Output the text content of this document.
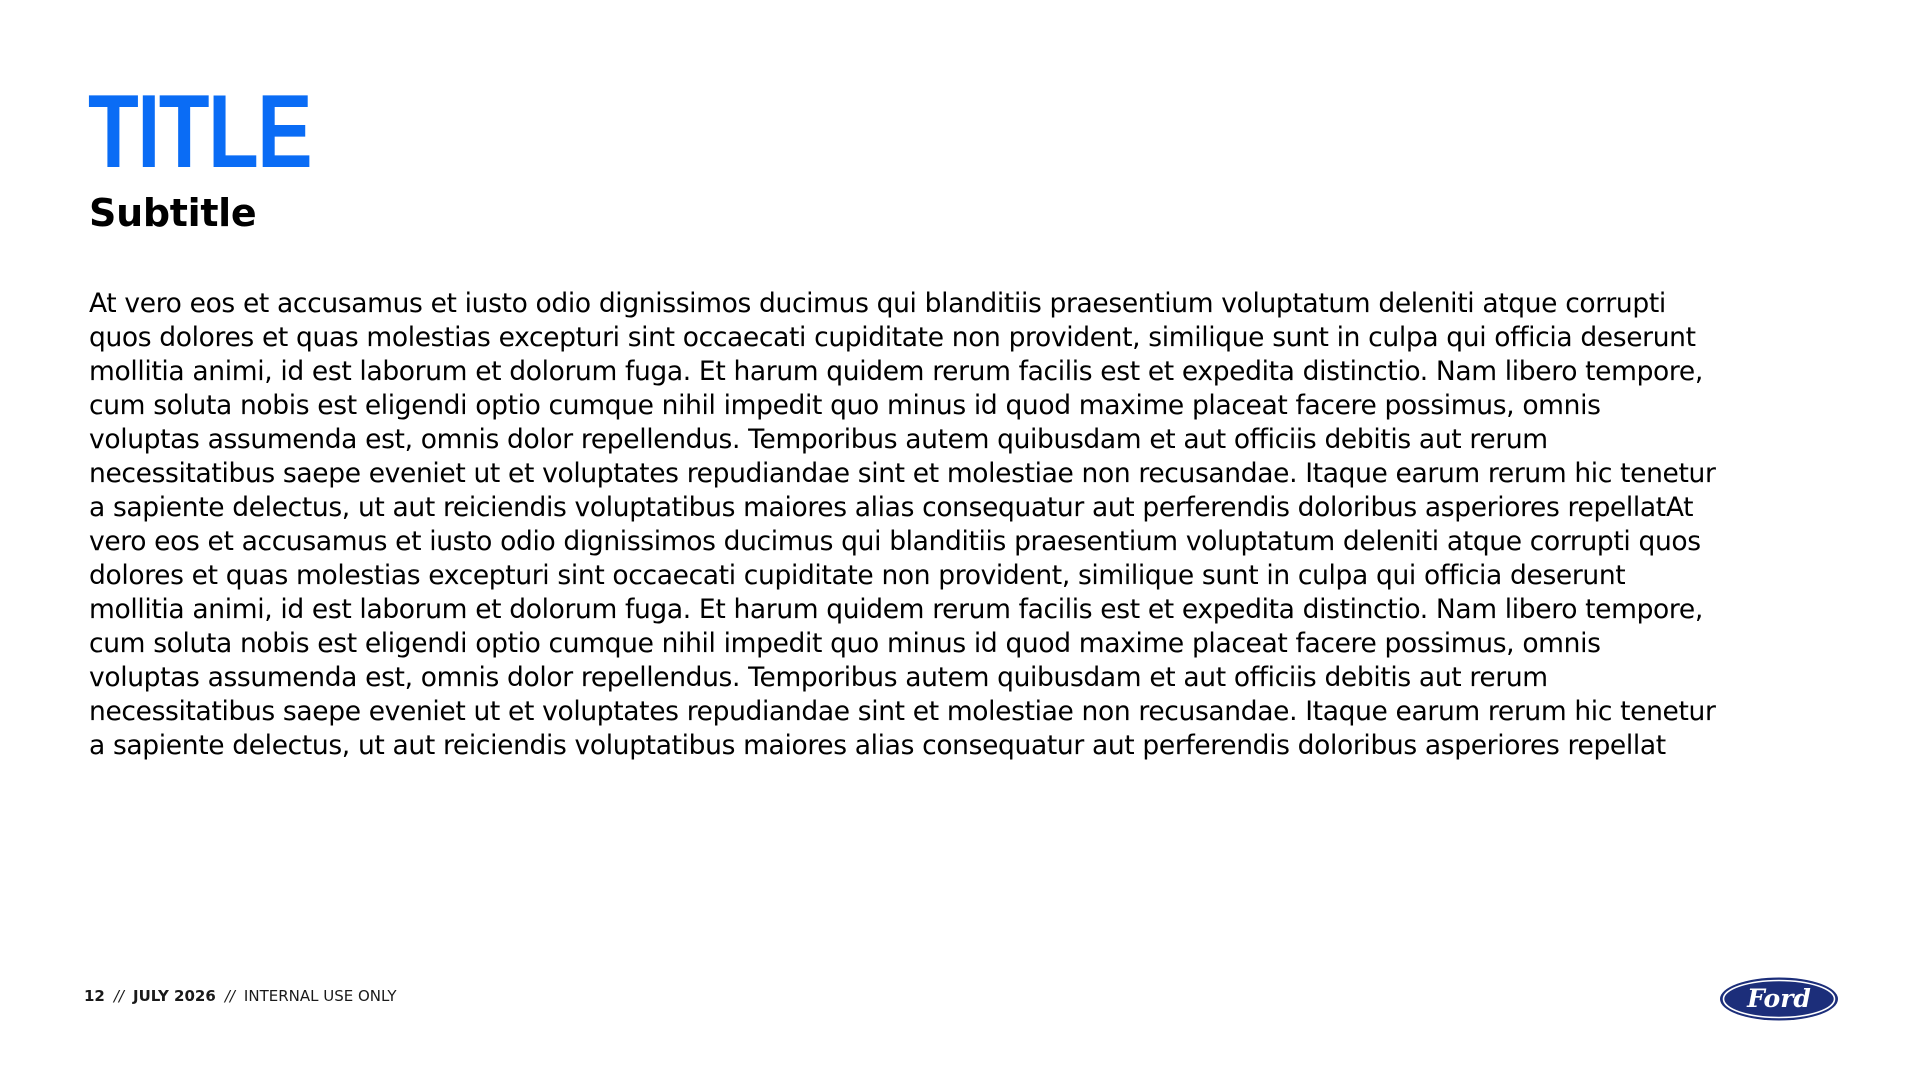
TITLE
Subtitle
At vero eos et accusamus et iusto odio dignissimos ducimus qui blanditiis praesentium voluptatum deleniti atque corrupti
quos dolores et quas molestias excepturi sint occaecati cupiditate non provident, similique sunt in culpa qui officia deserunt
mollitia animi, id est laborum et dolorum fuga. Et harum quidem rerum facilis est et expedita distinctio. Nam libero tempore,
cum soluta nobis est eligendi optio cumque nihil impedit quo minus id quod maxime placeat facere possimus, omnis
voluptas assumenda est, omnis dolor repellendus. Temporibus autem quibusdam et aut officiis debitis aut rerum
necessitatibus saepe eveniet ut et voluptates repudiandae sint et molestiae non recusandae. Itaque earum rerum hic tenetur
a sapiente delectus, ut aut reiciendis voluptatibus maiores alias consequatur aut perferendis doloribus asperiores repellatAt
vero eos et accusamus et iusto odio dignissimos ducimus qui blanditiis praesentium voluptatum deleniti atque corrupti quos
dolores et quas molestias excepturi sint occaecati cupiditate non provident, similique sunt in culpa qui officia deserunt
mollitia animi, id est laborum et dolorum fuga. Et harum quidem rerum facilis est et expedita distinctio. Nam libero tempore,
cum soluta nobis est eligendi optio cumque nihil impedit quo minus id quod maxime placeat facere possimus, omnis
voluptas assumenda est, omnis dolor repellendus. Temporibus autem quibusdam et aut officiis debitis aut rerum
necessitatibus saepe eveniet ut et voluptates repudiandae sint et molestiae non recusandae. Itaque earum rerum hic tenetur
a sapiente delectus, ut aut reiciendis voluptatibus maiores alias consequatur aut perferendis doloribus asperiores repellat
12 // JULY 2026 // INTERNAL USE ONLY	Ford
